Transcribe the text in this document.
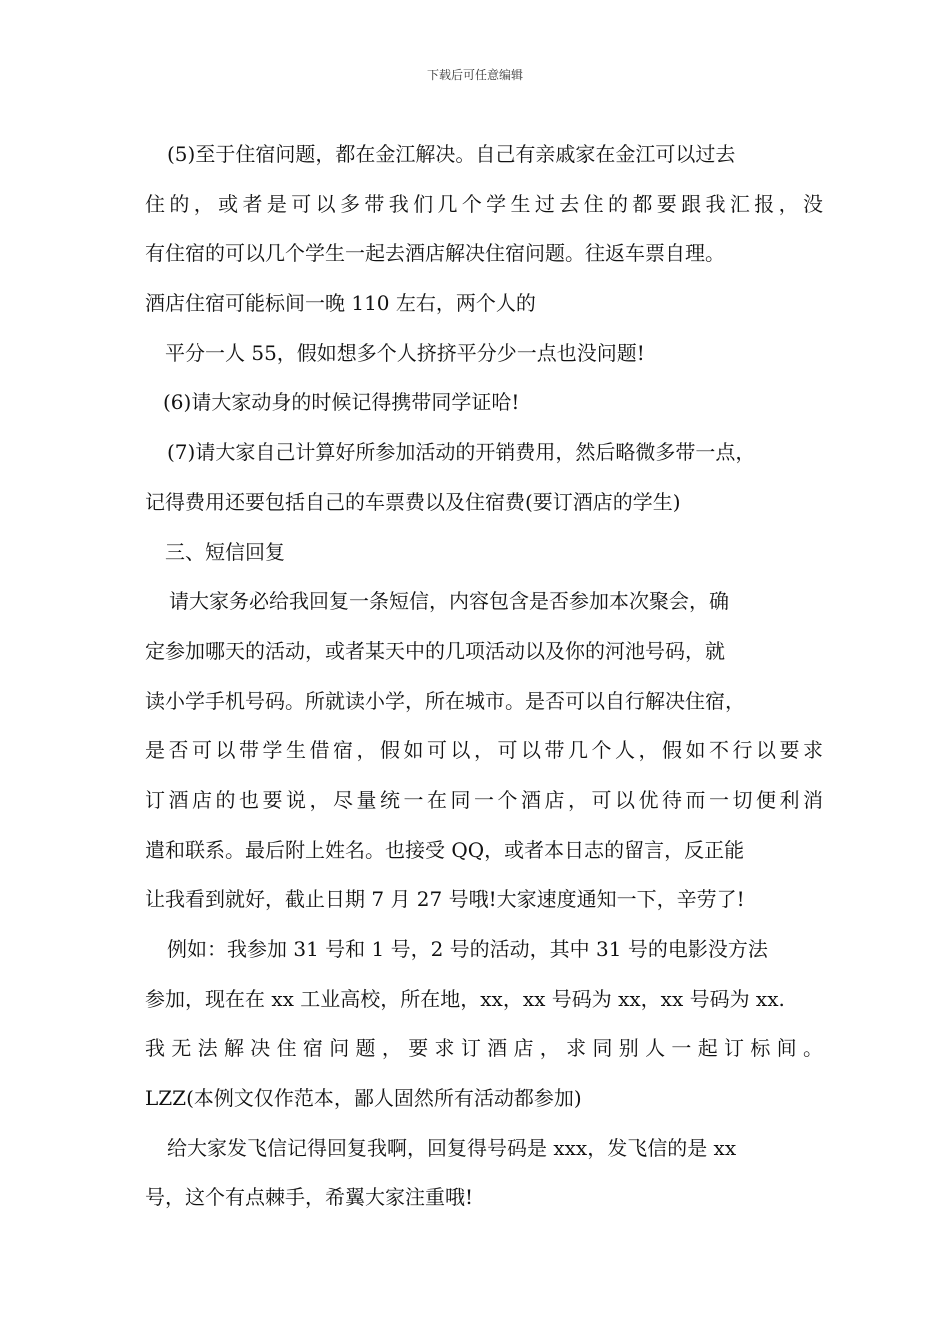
下载后可任意编辑
(5)至于住宿问题，都在金江解决。自己有亲戚家在金江可以过去
住的，或者是可以多带我们几个学生过去住的都要跟我汇报，没
有住宿的可以几个学生一起去酒店解决住宿问题。往返车票自理。
酒店住宿可能标间一晚 110 左右，两个人的
平分一人 55，假如想多个人挤挤平分少一点也没问题!
(6)请大家动身的时候记得携带同学证哈!
(7)请大家自己计算好所参加活动的开销费用，然后略微多带一点，
记得费用还要包括自己的车票费以及住宿费(要订酒店的学生)
三、短信回复
请大家务必给我回复一条短信，内容包含是否参加本次聚会，确
定参加哪天的活动，或者某天中的几项活动以及你的河池号码，就
读小学手机号码。所就读小学，所在城市。是否可以自行解决住宿，
是否可以带学生借宿，假如可以，可以带几个人，假如不行以要求
订酒店的也要说，尽量统一在同一个酒店，可以优待而一切便利消
遣和联系。最后附上姓名。也接受 QQ，或者本日志的留言，反正能
让我看到就好，截止日期 7 月 27 号哦!大家速度通知一下，辛劳了!
例如：我参加 31 号和 1 号，2 号的活动，其中 31 号的电影没方法
参加，现在在 xx 工业高校，所在地，xx，xx 号码为 xx，xx 号码为 xx.
我无法解决住宿问题，要求订酒店，求同别人一起订标间。
LZZ(本例文仅作范本，鄙人固然所有活动都参加)
给大家发飞信记得回复我啊，回复得号码是 xxx，发飞信的是 xx
号，这个有点棘手，希翼大家注重哦!
